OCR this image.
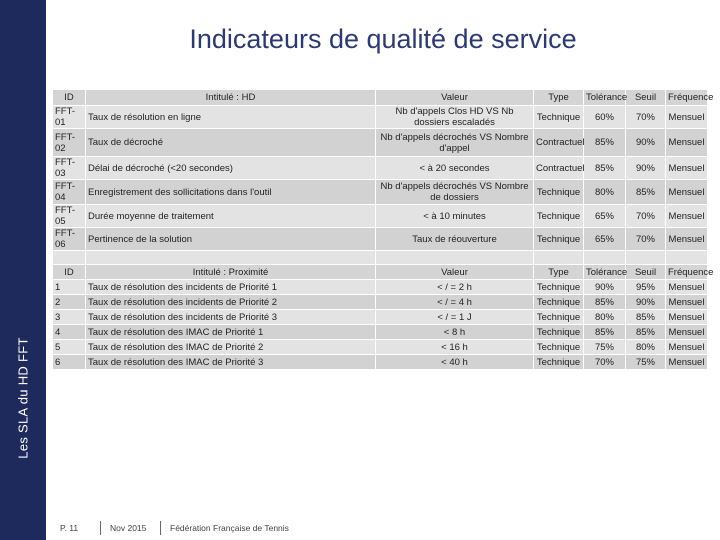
Les SLA du HD FFT
Indicateurs de qualité de service
ID	Intitulé : HD	Valeur	Type	Tolérance	Seuil	Fréquence
FFT-01	Taux de résolution en ligne	Nb d'appels Clos HD VS Nb dossiers escaladés	Technique	60%	70%	Mensuel
FFT-02	Taux de décroché	Nb d'appels décrochés VS Nombre d'appel	Contractuel	85%	90%	Mensuel
FFT-03	Délai de décroché (<20 secondes)	< à 20 secondes	Contractuel	85%	90%	Mensuel
FFT-04	Enregistrement des sollicitations dans l'outil	Nb d'appels décrochés VS Nombre de dossiers	Technique	80%	85%	Mensuel
FFT-05	Durée moyenne de traitement	< à 10 minutes	Technique	65%	70%	Mensuel
FFT-06	Pertinence de la solution	Taux de réouverture	Technique	65%	70%	Mensuel

ID	Intitulé : Proximité	Valeur	Type	Tolérance	Seuil	Fréquence
1	Taux de résolution des incidents de Priorité 1	< / = 2 h	Technique	90%	95%	Mensuel
2	Taux de résolution des incidents de Priorité 2	< / = 4 h	Technique	85%	90%	Mensuel
3	Taux de résolution des incidents de Priorité 3	< / = 1 J	Technique	80%	85%	Mensuel
4	Taux de résolution des IMAC de Priorité 1	< 8 h	Technique	85%	85%	Mensuel
5	Taux de résolution des IMAC de Priorité 2	< 16 h	Technique	75%	80%	Mensuel
6	Taux de résolution des IMAC de Priorité 3	< 40 h	Technique	70%	75%	Mensuel
P. 11	Nov 2015	Fédération Française de Tennis
